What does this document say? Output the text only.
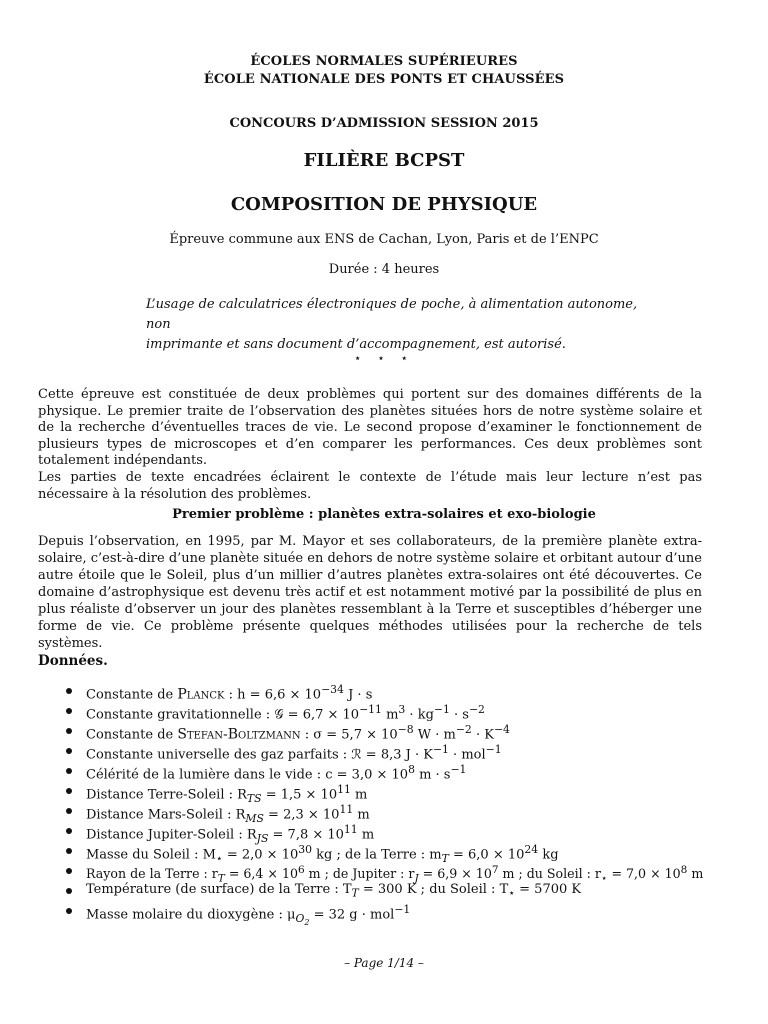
ÉCOLES NORMALES SUPÉRIEURES
ÉCOLE NATIONALE DES PONTS ET CHAUSSÉES
CONCOURS D’ADMISSION SESSION 2015
FILIÈRE BCPST
COMPOSITION DE PHYSIQUE
Épreuve commune aux ENS de Cachan, Lyon, Paris et de l’ENPC
Durée : 4 heures

L’usage de calculatrices électroniques de poche, à alimentation autonome, non

imprimante et sans document d’accompagnement, est autorisé.

⋆ ⋆ ⋆

Cette épreuve est constituée de deux problèmes qui portent sur des domaines différents de la physique. Le premier traite de l’observation des planètes situées hors de notre système solaire et de la recherche d’éventuelles traces de vie. Le second propose d’examiner le fonctionnement de plusieurs types de microscopes et d’en comparer les performances. Ces deux problèmes sont totalement indépendants.

Les parties de texte encadrées éclairent le contexte de l’étude mais leur lecture n’est pas nécessaire à la résolution des problèmes.

Premier problème : planètes extra-solaires et exo-biologie
Depuis l’observation, en 1995, par M. Mayor et ses collaborateurs, de la première planète extra-solaire, c’est-à-dire d’une planète située en dehors de notre système solaire et orbitant autour d’une autre étoile que le Soleil, plus d’un millier d’autres planètes extra-solaires ont été découvertes. Ce domaine d’astrophysique est devenu très actif et est notamment motivé par la possibilité de plus en plus réaliste d’observer un jour des planètes ressemblant à la Terre et susceptibles d’héberger une forme de vie. Ce problème présente quelques méthodes utilisées pour la recherche de tels systèmes.
Données.
Constante de Planck : $h = 6,6 \times 10^{-34}$ J · s
Constante gravitationnelle : 𝒢 = $6,7 \times 10^{-11}$ $m^3 \cdot kg^{-1} \cdot s^{-2}$
Constante de Stefan-Boltzmann : $\sigma = 5,7 \times 10^{-8}$ $W \cdot m^{-2} \cdot K^{-4}$
Constante universelle des gaz parfaits : ℛ = 8,3 $J \cdot K^{-1} \cdot mol^{-1}$
Célérité de la lumière dans le vide : $c = 3,0 \times 10^8$ $m \cdot s^{-1}$
Distance Terre-Soleil : $R_{TS} = 1,5 \times 10^{11}$ m
Distance Mars-Soleil : $R_{MS} = 2,3 \times 10^{11}$ m
Distance Jupiter-Soleil : $R_{JS} = 7,8 \times 10^{11}$ m
Masse du Soleil : $M_⋆ = 2,0 \times 10^{30}$ kg ; de la Terre : $m_T = 6,0 \times 10^{24}$ kg
Rayon de la Terre : $r_T = 6,4 \times 10^6$ m ; de Jupiter : $r_J = 6,9 \times 10^7$ m ; du Soleil : $r_⋆ = 7,0 \times 10^8$ m
Température (de surface) de la Terre : $T_T = 300$ K ; du Soleil : $T_⋆ = 5700$ K
Masse molaire du dioxygène : $\mu_{O_2} = 32$ g · mol$^{-1}$
– Page 1/14 –
